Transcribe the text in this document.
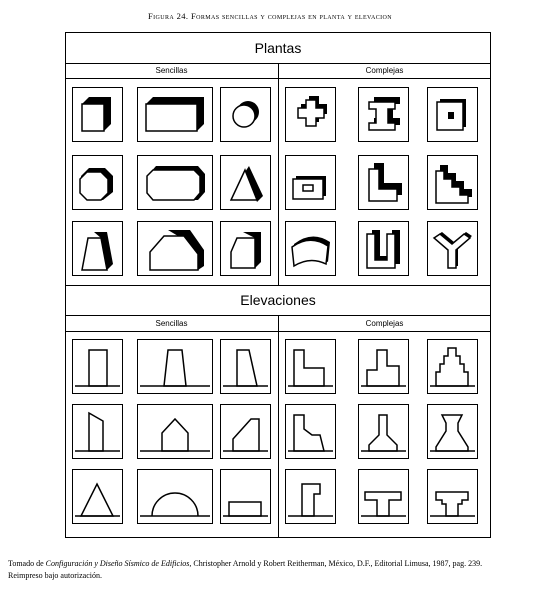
Figura 24. Formas sencillas y complejas en planta y elevacion
Plantas
Sencillas	Complejas
Elevaciones
Sencillas	Complejas
Tomado de Configuración y Diseño Sísmico de Edificios, Christopher Arnold y Robert Reitherman, México, D.F., Editorial Limusa, 1987, pag. 239.
Reimpreso bajo autorización.
